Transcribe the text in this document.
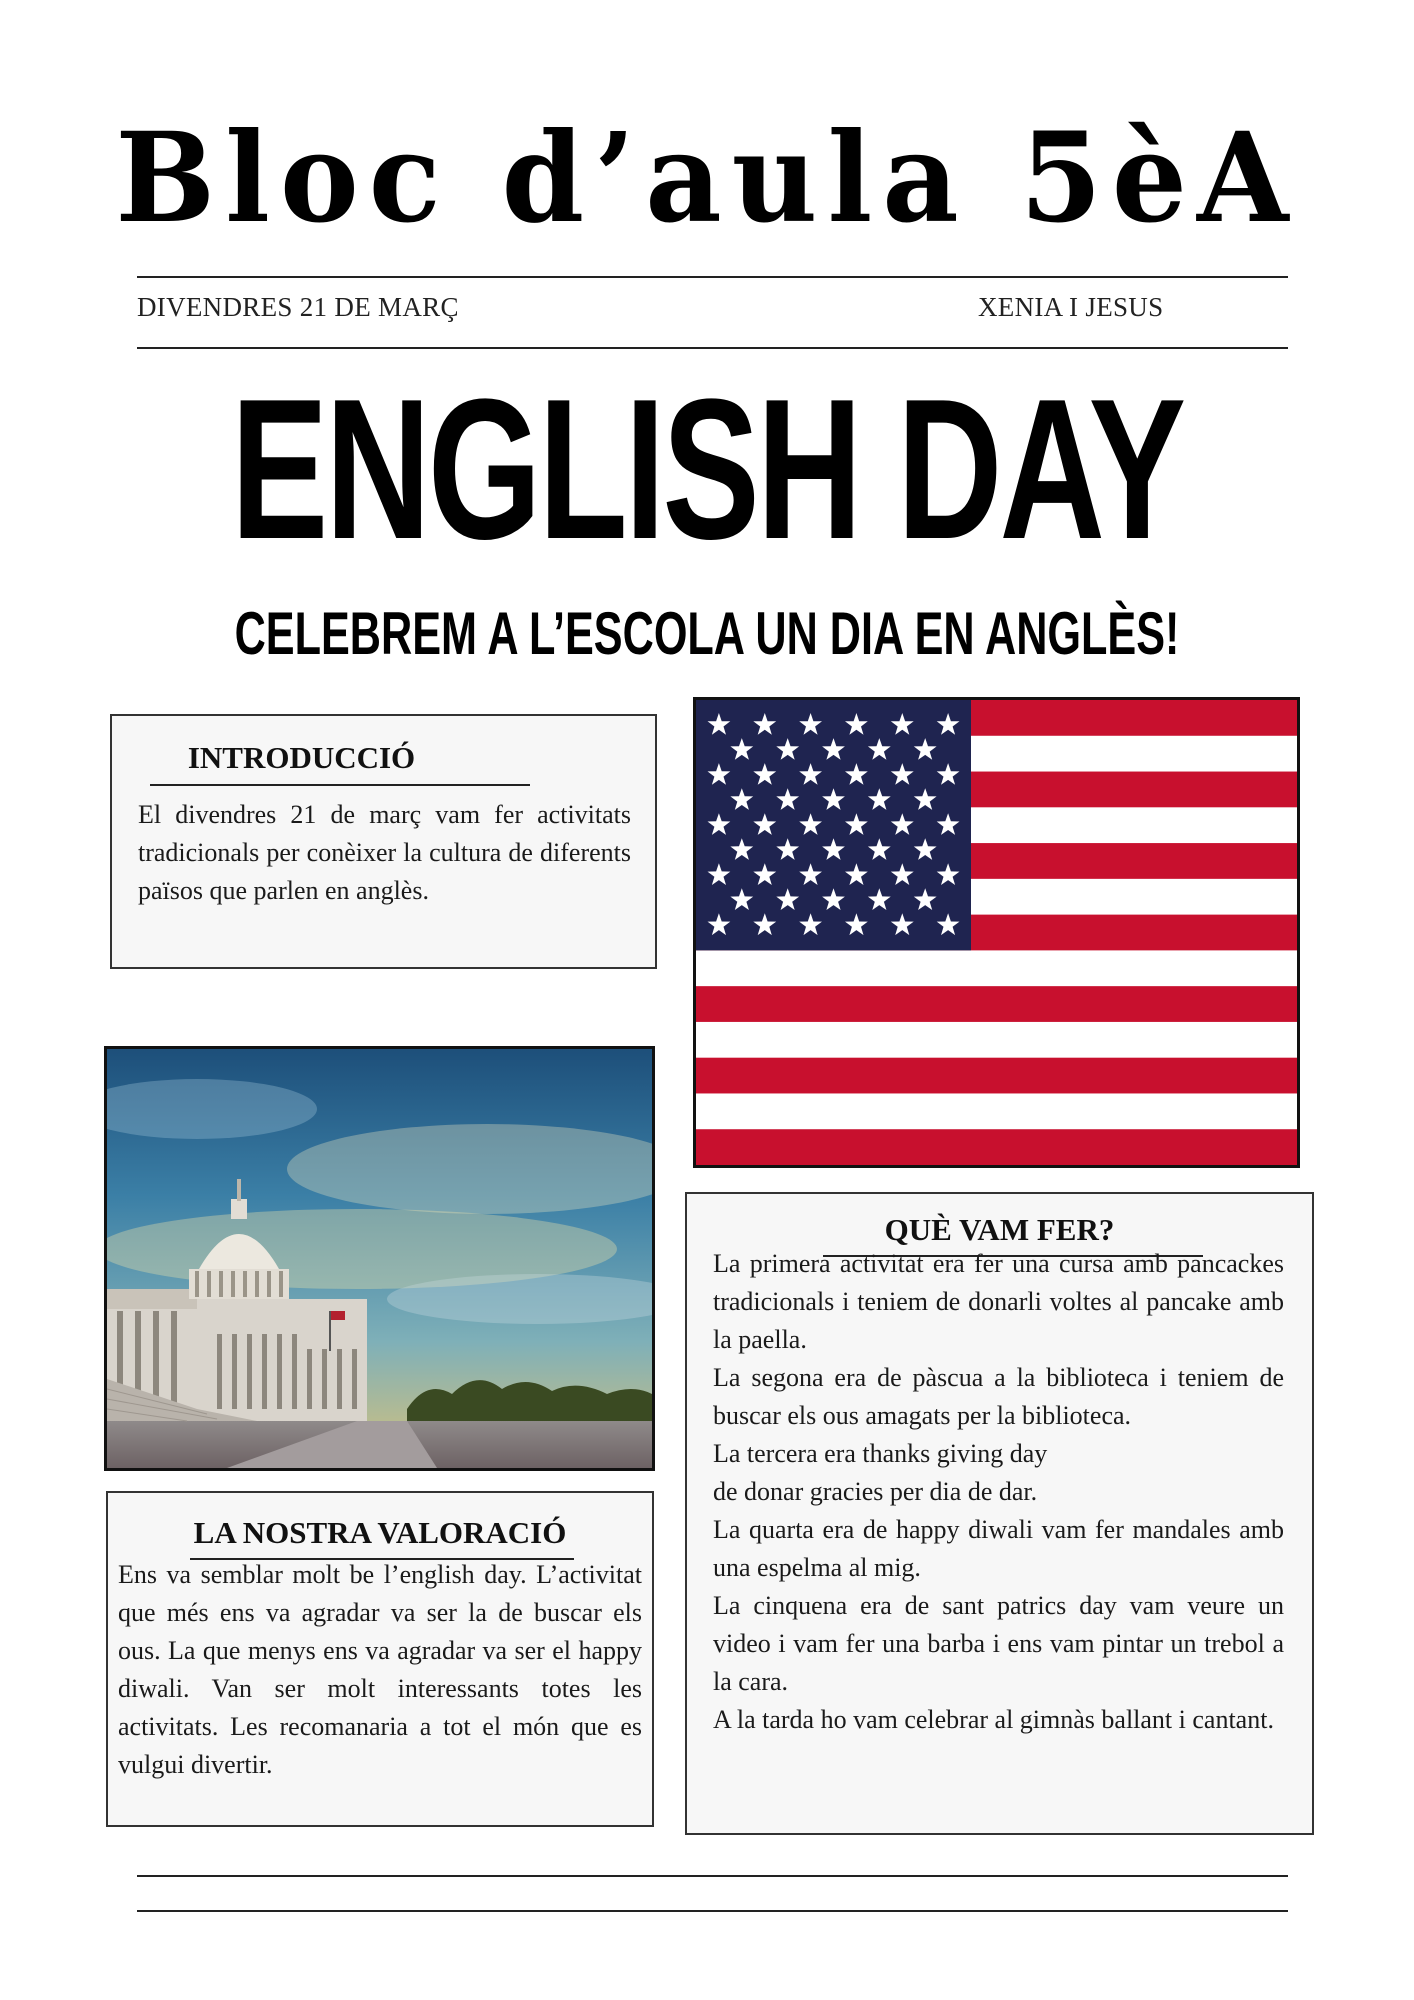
Bloc d’aula 5èA
DIVENDRES 21 DE MARÇ	XENIA I JESUS
ENGLISH DAY
CELEBREM A L’ESCOLA UN DIA EN ANGLÈS!
INTRODUCCIÓ
El divendres 21 de març vam fer activitats tradicionals per conèixer la cultura de diferents països que parlen en anglès.
QUÈ VAM FER?

La primera activitat era fer una cursa amb pancackes tradicionals i teniem de donarli voltes al pancake amb la paella.

La segona era de pàscua a la biblioteca i teniem de buscar els ous amagats per la biblioteca.

La tercera era thanks giving day

de donar gracies per dia de dar.

La quarta era de happy diwali vam fer mandales amb una espelma al mig.

La cinquena era de sant patrics day vam veure un video i vam fer una barba i ens vam pintar un trebol a la cara.

A la tarda ho vam celebrar al gimnàs ballant i cantant.

LA NOSTRA VALORACIÓ
Ens va semblar molt be l’english day. L’activitat que més ens va agradar va ser la de buscar els ous. La que menys ens va agradar va ser el happy diwali. Van ser molt interessants totes les activitats. Les recomanaria a tot el món que es vulgui divertir.
